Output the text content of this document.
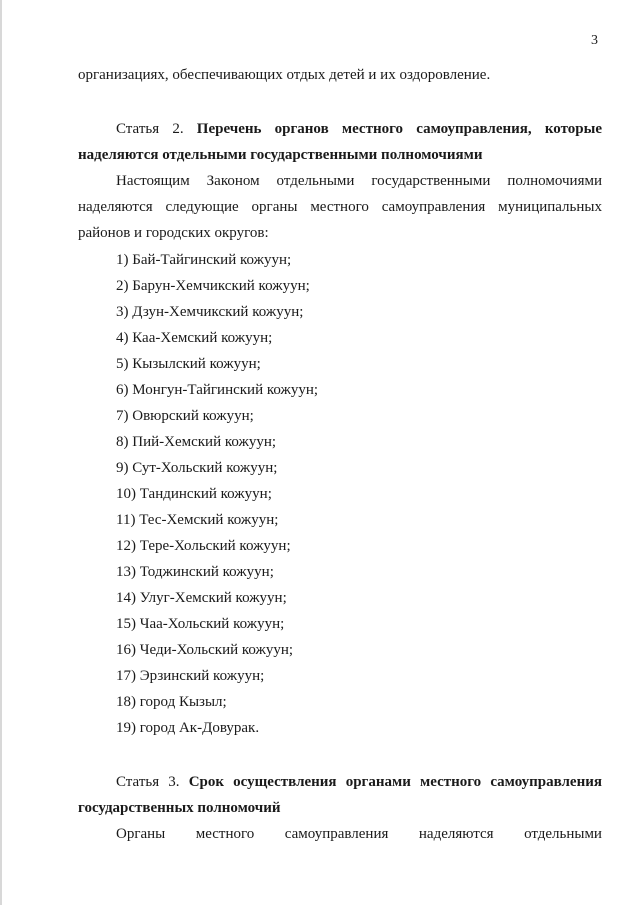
3
организациях, обеспечивающих отдых детей и их оздоровление.
Статья 2. Перечень органов местного самоуправления, которые
наделяются отдельными государственными полномочиями
Настоящим Законом отдельными государственными полномочиями
наделяются следующие органы местного самоуправления муниципальных
районов и городских округов:
1) Бай-Тайгинский кожуун;
2) Барун-Хемчикский кожуун;
3) Дзун-Хемчикский кожуун;
4) Каа-Хемский кожуун;
5) Кызылский кожуун;
6) Монгун-Тайгинский кожуун;
7) Овюрский кожуун;
8) Пий-Хемский кожуун;
9) Сут-Хольский кожуун;
10) Тандинский кожуун;
11) Тес-Хемский кожуун;
12) Тере-Хольский кожуун;
13) Тоджинский кожуун;
14) Улуг-Хемский кожуун;
15) Чаа-Хольский кожуун;
16) Чеди-Хольский кожуун;
17) Эрзинский кожуун;
18) город Кызыл;
19) город Ак-Довурак.
Статья 3. Срок осуществления органами местного самоуправления
государственных полномочий
Органы местного самоуправления наделяются отдельными
